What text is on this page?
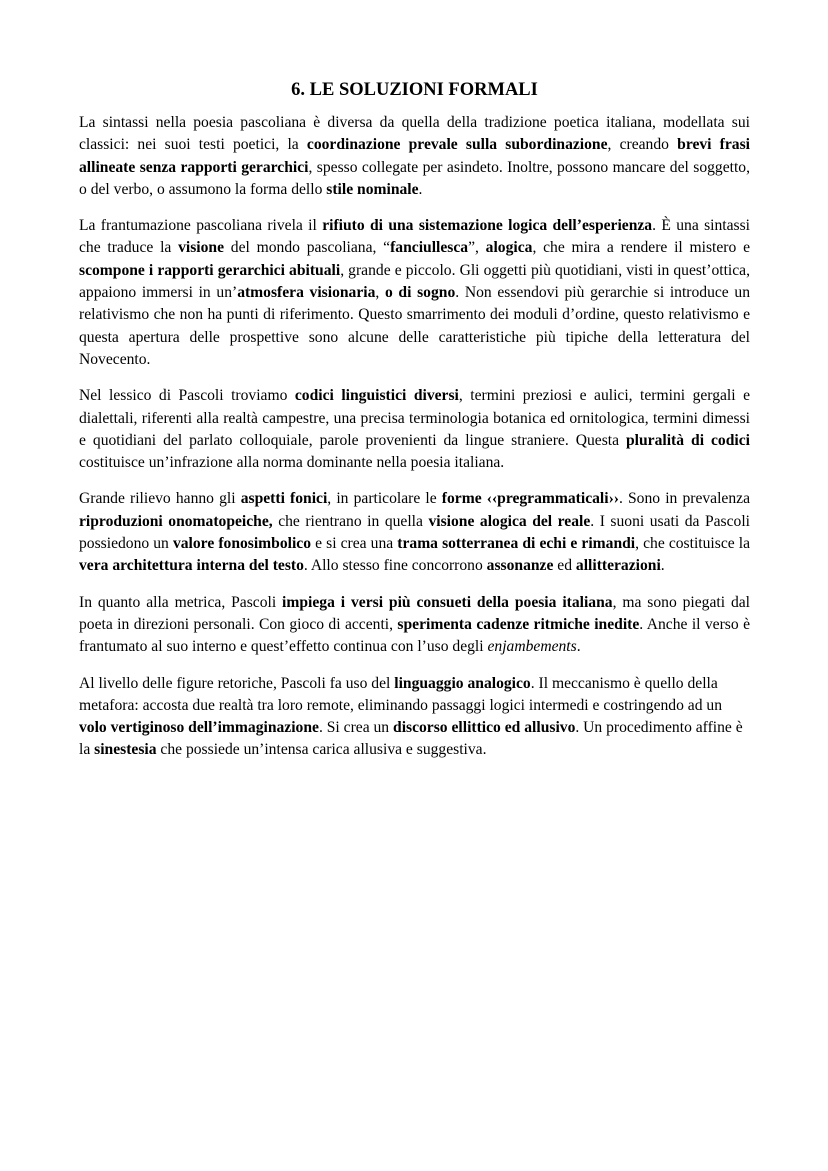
6. LE SOLUZIONI FORMALI

La sintassi nella poesia pascoliana è diversa da quella della tradizione poetica italiana, modellata sui classici: nei suoi testi poetici, la coordinazione prevale sulla subordinazione, creando brevi frasi allineate senza rapporti gerarchici, spesso collegate per asindeto. Inoltre, possono mancare del soggetto, o del verbo, o assumono la forma dello stile nominale.

La frantumazione pascoliana rivela il rifiuto di una sistemazione logica dell’esperienza. È una sintassi che traduce la visione del mondo pascoliana, “fanciullesca”, alogica, che mira a rendere il mistero e scompone i rapporti gerarchici abituali, grande e piccolo. Gli oggetti più quotidiani, visti in quest’ottica, appaiono immersi in un’atmosfera visionaria, o di sogno. Non essendovi più gerarchie si introduce un relativismo che non ha punti di riferimento. Questo smarrimento dei moduli d’ordine, questo relativismo e questa apertura delle prospettive sono alcune delle caratteristiche più tipiche della letteratura del Novecento.

Nel lessico di Pascoli troviamo codici linguistici diversi, termini preziosi e aulici, termini gergali e dialettali, riferenti alla realtà campestre, una precisa terminologia botanica ed ornitologica, termini dimessi e quotidiani del parlato colloquiale, parole provenienti da lingue straniere. Questa pluralità di codici costituisce un’infrazione alla norma dominante nella poesia italiana.

Grande rilievo hanno gli aspetti fonici, in particolare le forme ‹‹pregrammaticali››. Sono in prevalenza riproduzioni onomatopeiche, che rientrano in quella visione alogica del reale. I suoni usati da Pascoli possiedono un valore fonosimbolico e si crea una trama sotterranea di echi e rimandi, che costituisce la vera architettura interna del testo. Allo stesso fine concorrono assonanze ed allitterazioni.

In quanto alla metrica, Pascoli impiega i versi più consueti della poesia italiana, ma sono piegati dal poeta in direzioni personali. Con gioco di accenti, sperimenta cadenze ritmiche inedite. Anche il verso è frantumato al suo interno e quest’effetto continua con l’uso degli enjambements.

Al livello delle figure retoriche, Pascoli fa uso del linguaggio analogico. Il meccanismo è quello della metafora: accosta due realtà tra loro remote, eliminando passaggi logici intermedi e costringendo ad un volo vertiginoso dell’immaginazione. Si crea un discorso ellittico ed allusivo. Un procedimento affine è la sinestesia che possiede un’intensa carica allusiva e suggestiva.
